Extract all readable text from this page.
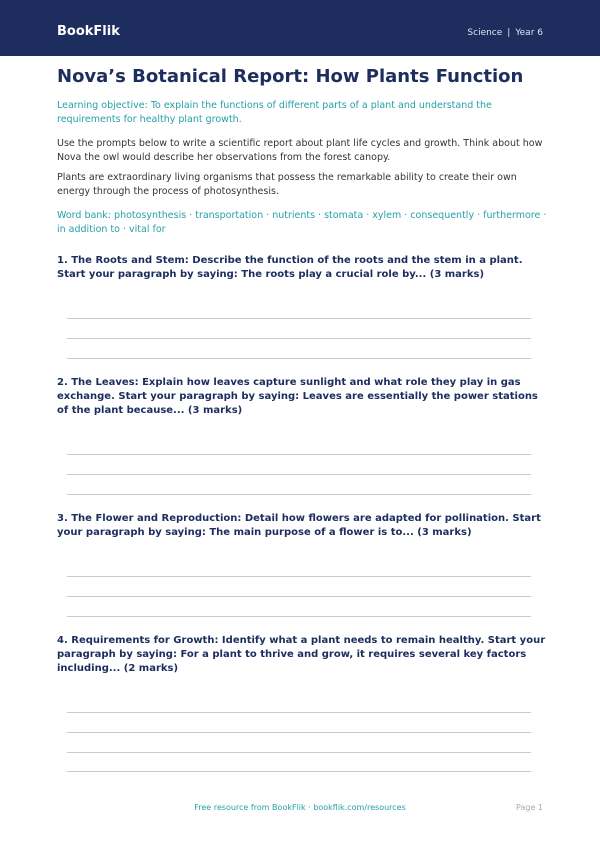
BookFlik	Science | Year 6
Nova’s Botanical Report: How Plants Function
Learning objective: To explain the functions of different parts of a plant and understand the requirements for healthy plant growth.
Use the prompts below to write a scientific report about plant life cycles and growth. Think about how Nova the owl would describe her observations from the forest canopy.
Plants are extraordinary living organisms that possess the remarkable ability to create their own energy through the process of photosynthesis.
Word bank: photosynthesis · transportation · nutrients · stomata · xylem · consequently · furthermore · in addition to · vital for
1. The Roots and Stem: Describe the function of the roots and the stem in a plant. Start your paragraph by saying: The roots play a crucial role by... (3 marks)
2. The Leaves: Explain how leaves capture sunlight and what role they play in gas exchange. Start your paragraph by saying: Leaves are essentially the power stations of the plant because... (3 marks)
3. The Flower and Reproduction: Detail how flowers are adapted for pollination. Start your paragraph by saying: The main purpose of a flower is to... (3 marks)
4. Requirements for Growth: Identify what a plant needs to remain healthy. Start your paragraph by saying: For a plant to thrive and grow, it requires several key factors including... (2 marks)
Free resource from BookFlik · bookflik.com/resources	Page 1
